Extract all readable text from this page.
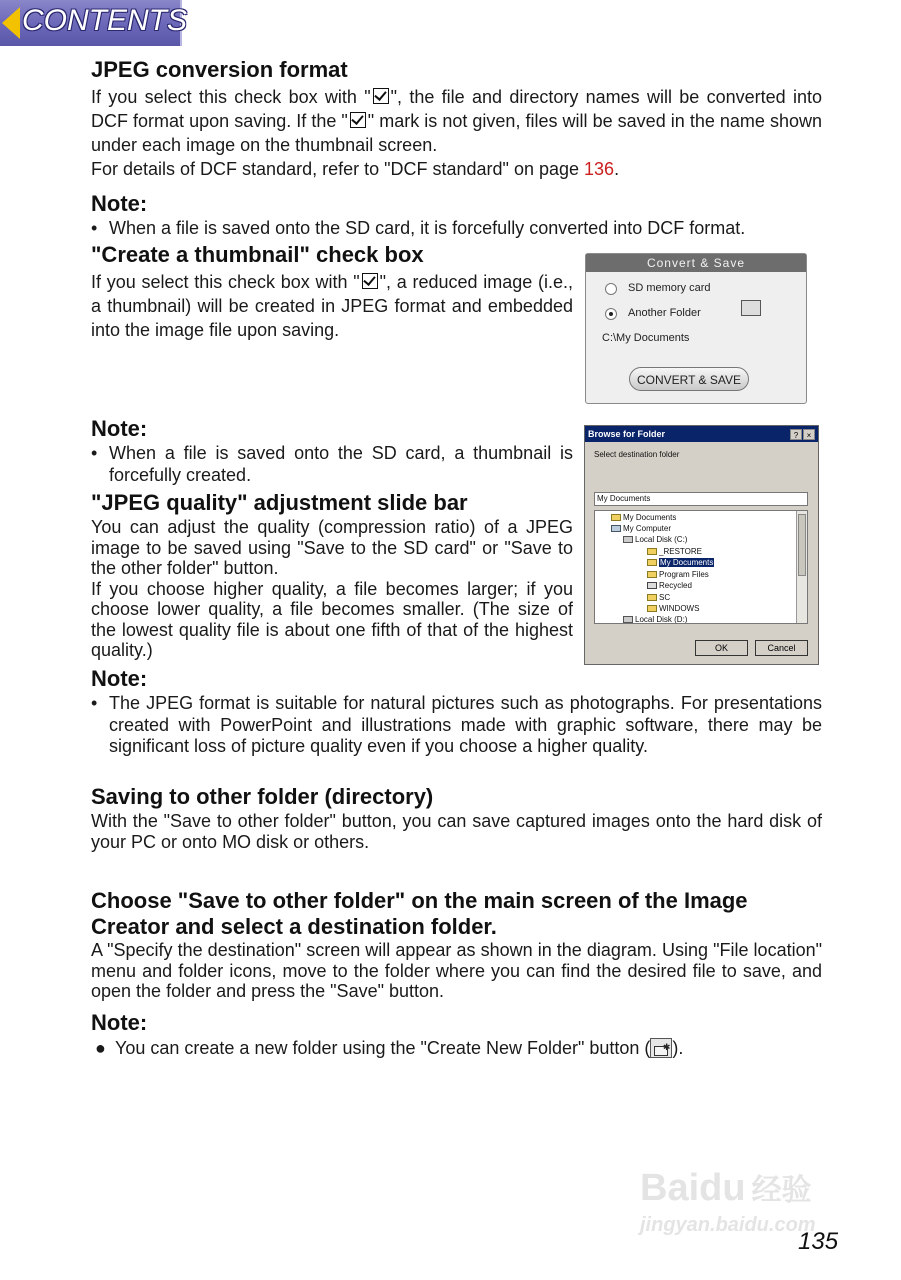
CONTENTS
JPEG conversion format

If you select this check box with " ", the file and directory names will be converted into DCF format upon saving. If the " " mark is not given, files will be saved in the name shown under each image on the thumbnail screen.

For details of DCF standard, refer to "DCF standard" on page 136.

Note:

• When a file is saved onto the SD card, it is forcefully converted into DCF format.

"Create a thumbnail" check box

If you select this check box with " ", a reduced image (i.e., a thumbnail) will be created in JPEG format and embedded into the image file upon saving.

Note:

• When a file is saved onto the SD card, a thumbnail is forcefully created.

Convert & Save
SD memory card
Another Folder
C:\My Documents
CONVERT & SAVE
Browse for Folder	?	×
Select destination folder
My Documents
My Documents
My Computer
Local Disk (C:)
_RESTORE
My Documents
Program Files
Recycled
SC
WINDOWS
Local Disk (D:)
OK	Cancel
"JPEG quality" adjustment slide bar

You can adjust the quality (compression ratio) of a JPEG image to be saved using "Save to the SD card" or "Save to the other folder" button.

If you choose higher quality, a file becomes larger; if you choose lower quality, a file becomes smaller. (The size of the lowest quality file is about one fifth of that of the highest quality.)

Note:

• The JPEG format is suitable for natural pictures such as photographs. For presentations created with PowerPoint and illustrations made with graphic software, there may be significant loss of picture quality even if you choose a higher quality.

Saving to other folder (directory)

With the "Save to other folder" button, you can save captured images onto the hard disk of your PC or onto MO disk or others.

Choose "Save to other folder" on the main screen of the Image
Creator and select a destination folder.

A "Specify the destination" screen will appear as shown in the diagram. Using "File location" menu and folder icons, move to the folder where you can find the desired file to save, and open the folder and press the "Save" button.

Note:

● You can create a new folder using the "Create New Folder" button (✱ ).

Baidu 经验
jingyan.baidu.com
135
